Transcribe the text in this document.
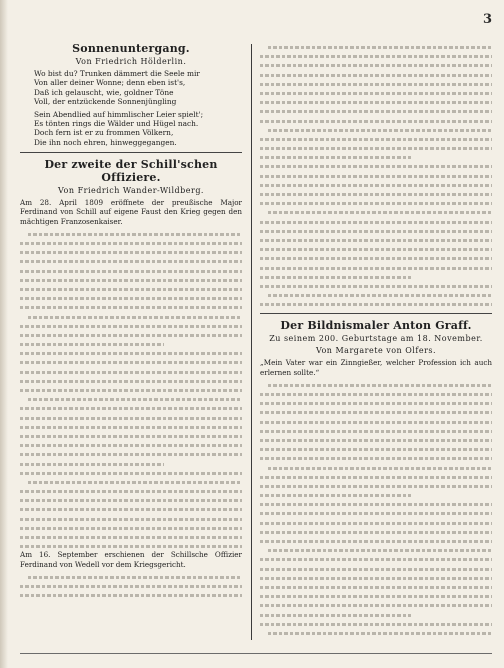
3
Sonnenuntergang.
Von Friedrich Hölderlin.
Wo bist du? Trunken dämmert die Seele mir
Von aller deiner Wonne; denn eben ist's,
Daß ich gelauscht, wie, goldner Töne
Voll, der entzückende Sonnenjüngling
Sein Abendlied auf himmlischer Leier spielt';
Es tönten rings die Wälder und Hügel nach.
Doch fern ist er zu frommen Völkern,
Die ihn noch ehren, hinweggegangen.
Der zweite der Schill'schen Offiziere.
Von Friedrich Wander-Wildberg.

Am 28. April 1809 eröffnete der preußische Major Ferdinand von Schill auf eigene Faust den Krieg gegen den mächtigen Franzosenkaiser.

Am 16. September erschienen der Schillsche Offizier Ferdinand von Wedell vor dem Kriegsgericht.

Der Bildnismaler Anton Graff.
Zu seinem 200. Geburtstage am 18. November.
Von Margarete von Olfers.

„Mein Vater war ein Zinngießer, welcher Profession ich auch erlernen sollte.“
